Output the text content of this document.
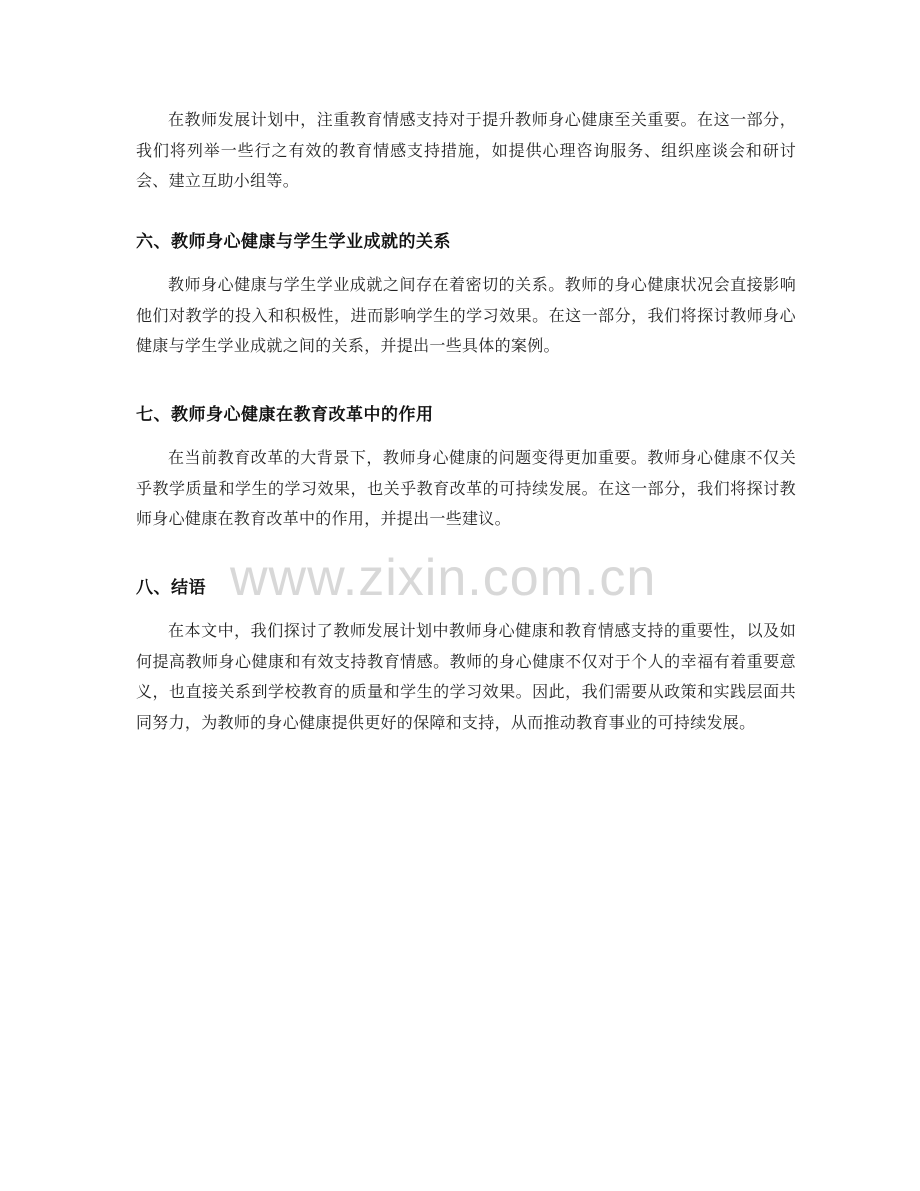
在教师发展计划中，注重教育情感支持对于提升教师身心健康至关重要。在这一部分，我们将列举一些行之有效的教育情感支持措施，如提供心理咨询服务、组织座谈会和研讨会、建立互助小组等。

六、教师身心健康与学生学业成就的关系

教师身心健康与学生学业成就之间存在着密切的关系。教师的身心健康状况会直接影响他们对教学的投入和积极性，进而影响学生的学习效果。在这一部分，我们将探讨教师身心健康与学生学业成就之间的关系，并提出一些具体的案例。

七、教师身心健康在教育改革中的作用

在当前教育改革的大背景下，教师身心健康的问题变得更加重要。教师身心健康不仅关乎教学质量和学生的学习效果，也关乎教育改革的可持续发展。在这一部分，我们将探讨教师身心健康在教育改革中的作用，并提出一些建议。

八、结语

在本文中，我们探讨了教师发展计划中教师身心健康和教育情感支持的重要性，以及如何提高教师身心健康和有效支持教育情感。教师的身心健康不仅对于个人的幸福有着重要意义，也直接关系到学校教育的质量和学生的学习效果。因此，我们需要从政策和实践层面共同努力，为教师的身心健康提供更好的保障和支持，从而推动教育事业的可持续发展。

www.zixin.com.cn
